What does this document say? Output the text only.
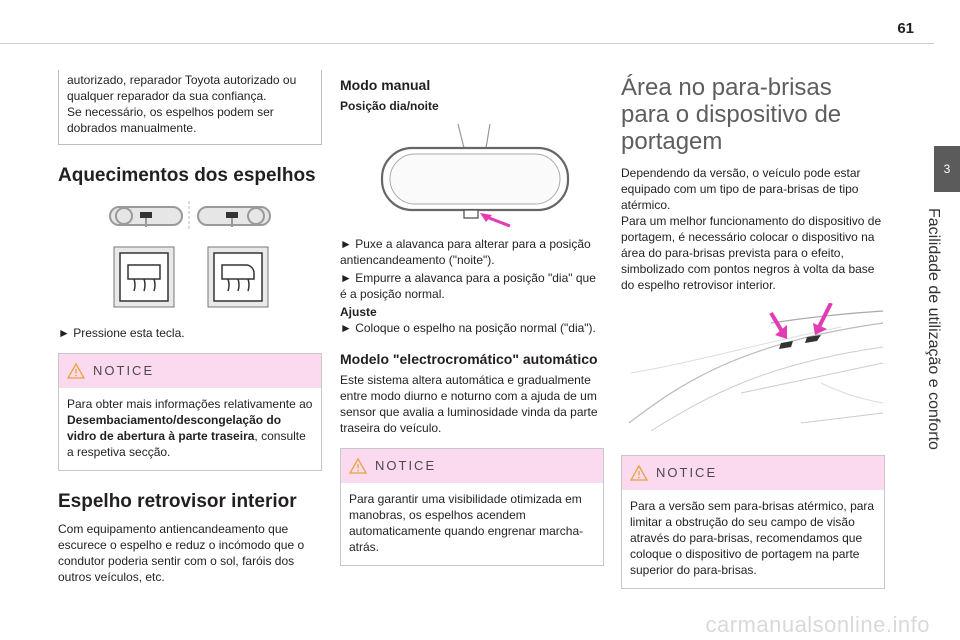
61
3
Facilidade de utilização e conforto

autorizado, reparador Toyota autorizado ou qualquer reparador da sua confiança.

Se necessário, os espelhos podem ser dobrados manualmente.

Aquecimentos dos espelhos

► Pressione esta tecla.

NOTICE
Para obter mais informações relativamente ao Desembaciamento/descongelação do vidro de abertura à parte traseira, consulte a respetiva secção.
Espelho retrovisor interior

Com equipamento antiencandeamento que escurece o espelho e reduz o incómodo que o condutor poderia sentir com o sol, faróis dos outros veículos, etc.

Modo manual
Posição dia/noite

► Puxe a alavanca para alterar para a posição antiencandeamento ("noite").

► Empurre a alavanca para a posição "dia" que é a posição normal.

Ajuste

► Coloque o espelho na posição normal ("dia").

Modelo "electrocromático" automático

Este sistema altera automática e gradualmente entre modo diurno e noturno com a ajuda de um sensor que avalia a luminosidade vinda da parte traseira do veículo.

NOTICE
Para garantir uma visibilidade otimizada em manobras, os espelhos acendem automaticamente quando engrenar marcha-atrás.
Área no para-brisas para o dispositivo de portagem

Dependendo da versão, o veículo pode estar equipado com um tipo de para-brisas de tipo atérmico.

Para um melhor funcionamento do dispositivo de portagem, é necessário colocar o dispositivo na área do para-brisas prevista para o efeito, simbolizado com pontos negros à volta da base do espelho retrovisor interior.

NOTICE
Para a versão sem para-brisas atérmico, para limitar a obstrução do seu campo de visão através do para-brisas, recomendamos que coloque o dispositivo de portagem na parte superior do para-brisas.
carmanualsonline.info
